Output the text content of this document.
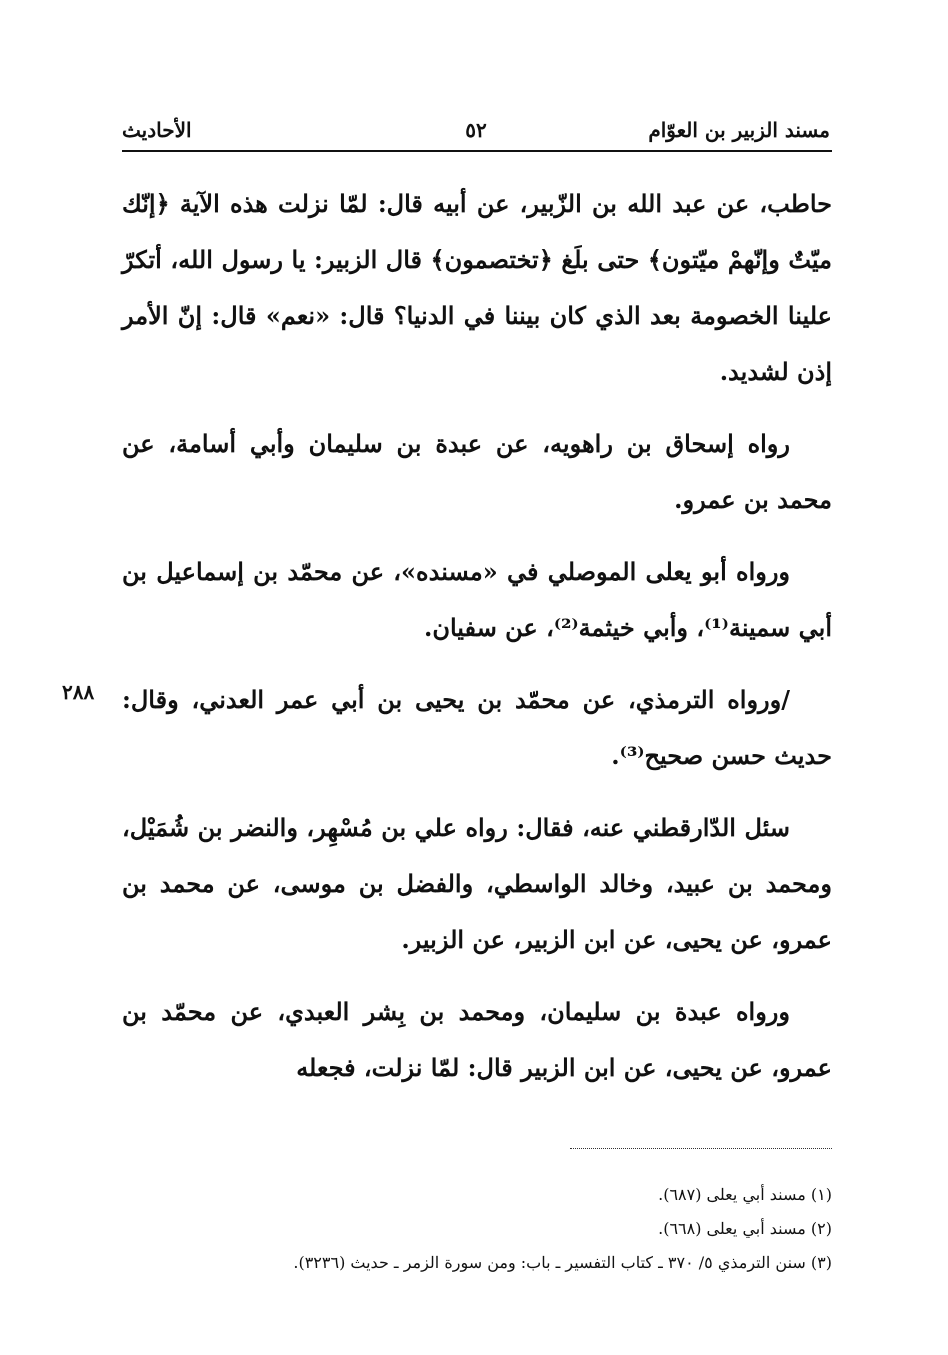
مسند الزبير بن العوّام
٥٢
الأحاديث

حاطب، عن عبد الله بن الزّبير، عن أبيه قال: لمّا نزلت هذه الآية ﴿إنّك ميّتٌ وإنّهمْ ميّتون﴾ حتى بلَغ ﴿تختصمون﴾ قال الزبير: يا رسول الله، أتكرّ علينا الخصومة بعد الذي كان بيننا في الدنيا؟ قال: «نعم» قال: إنّ الأمر إذن لشديد.

رواه إسحاق بن راهويه، عن عبدة بن سليمان وأبي أسامة، عن محمد بن عمرو.

ورواه أبو يعلى الموصلي في «مسنده»، عن محمّد بن إسماعيل بن أبي سمينة⁽¹⁾، وأبي خيثمة⁽²⁾، عن سفيان.

٢٨٨ /ورواه الترمذي، عن محمّد بن يحيى بن أبي عمر العدني، وقال: حديث حسن صحيح⁽³⁾.

سئل الدّارقطني عنه، فقال: رواه علي بن مُسْهِر، والنضر بن شُمَيْل، ومحمد بن عبيد، وخالد الواسطي، والفضل بن موسى، عن محمد بن عمرو، عن يحيى، عن ابن الزبير، عن الزبير.

ورواه عبدة بن سليمان، ومحمد بن بِشر العبدي، عن محمّد بن عمرو، عن يحيى، عن ابن الزبير قال: لمّا نزلت، فجعله

(١) مسند أبي يعلى (٦٨٧).
(٢) مسند أبي يعلى (٦٦٨).
(٣) سنن الترمذي ٥/ ٣٧٠ ـ كتاب التفسير ـ باب: ومن سورة الزمر ـ حديث (٣٢٣٦).
